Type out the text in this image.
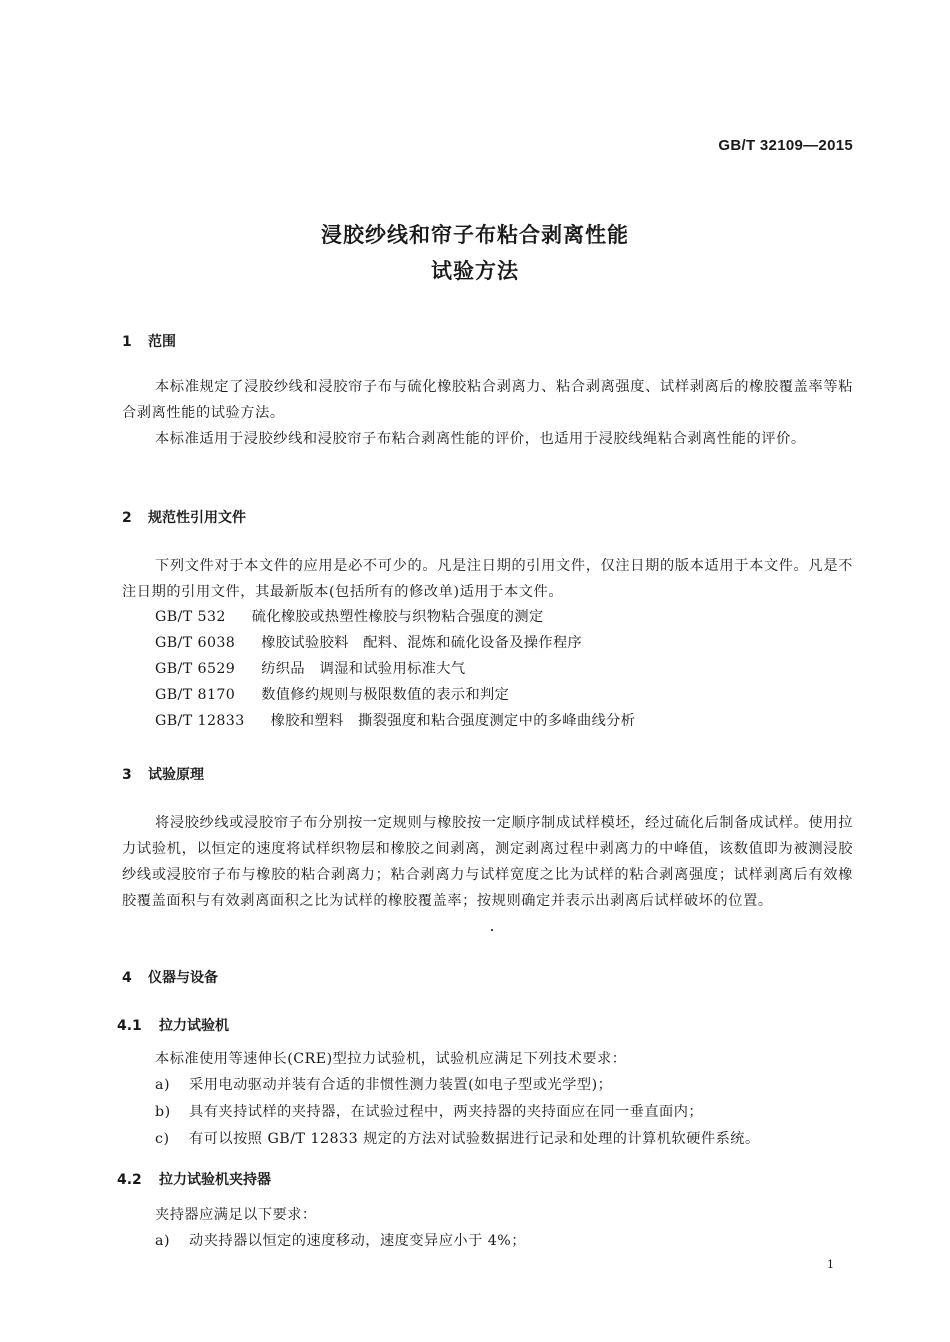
GB/T 32109—2015
浸胶纱线和帘子布粘合剥离性能
试验方法
1 范围
本标准规定了浸胶纱线和浸胶帘子布与硫化橡胶粘合剥离力、粘合剥离强度、试样剥离后的橡胶覆盖率等粘合剥离性能的试验方法。
本标准适用于浸胶纱线和浸胶帘子布粘合剥离性能的评价，也适用于浸胶线绳粘合剥离性能的评价。
2 规范性引用文件
下列文件对于本文件的应用是必不可少的。凡是注日期的引用文件，仅注日期的版本适用于本文件。凡是不注日期的引用文件，其最新版本(包括所有的修改单)适用于本文件。
GB/T 532 硫化橡胶或热塑性橡胶与织物粘合强度的测定
GB/T 6038 橡胶试验胶料　配料、混炼和硫化设备及操作程序
GB/T 6529 纺织品　调湿和试验用标准大气
GB/T 8170 数值修约规则与极限数值的表示和判定
GB/T 12833 橡胶和塑料　撕裂强度和粘合强度测定中的多峰曲线分析
3 试验原理
将浸胶纱线或浸胶帘子布分别按一定规则与橡胶按一定顺序制成试样模坯，经过硫化后制备成试样。使用拉力试验机，以恒定的速度将试样织物层和橡胶之间剥离，测定剥离过程中剥离力的中峰值，该数值即为被测浸胶纱线或浸胶帘子布与橡胶的粘合剥离力；粘合剥离力与试样宽度之比为试样的粘合剥离强度；试样剥离后有效橡胶覆盖面积与有效剥离面积之比为试样的橡胶覆盖率；按规则确定并表示出剥离后试样破坏的位置。
4 仪器与设备
4.1 拉力试验机
本标准使用等速伸长(CRE)型拉力试验机，试验机应满足下列技术要求：
a) 采用电动驱动并装有合适的非惯性测力装置(如电子型或光学型)；
b) 具有夹持试样的夹持器，在试验过程中，两夹持器的夹持面应在同一垂直面内；
c) 有可以按照 GB/T 12833 规定的方法对试验数据进行记录和处理的计算机软硬件系统。
4.2 拉力试验机夹持器
夹持器应满足以下要求：
a) 动夹持器以恒定的速度移动，速度变异应小于 4%；
1
